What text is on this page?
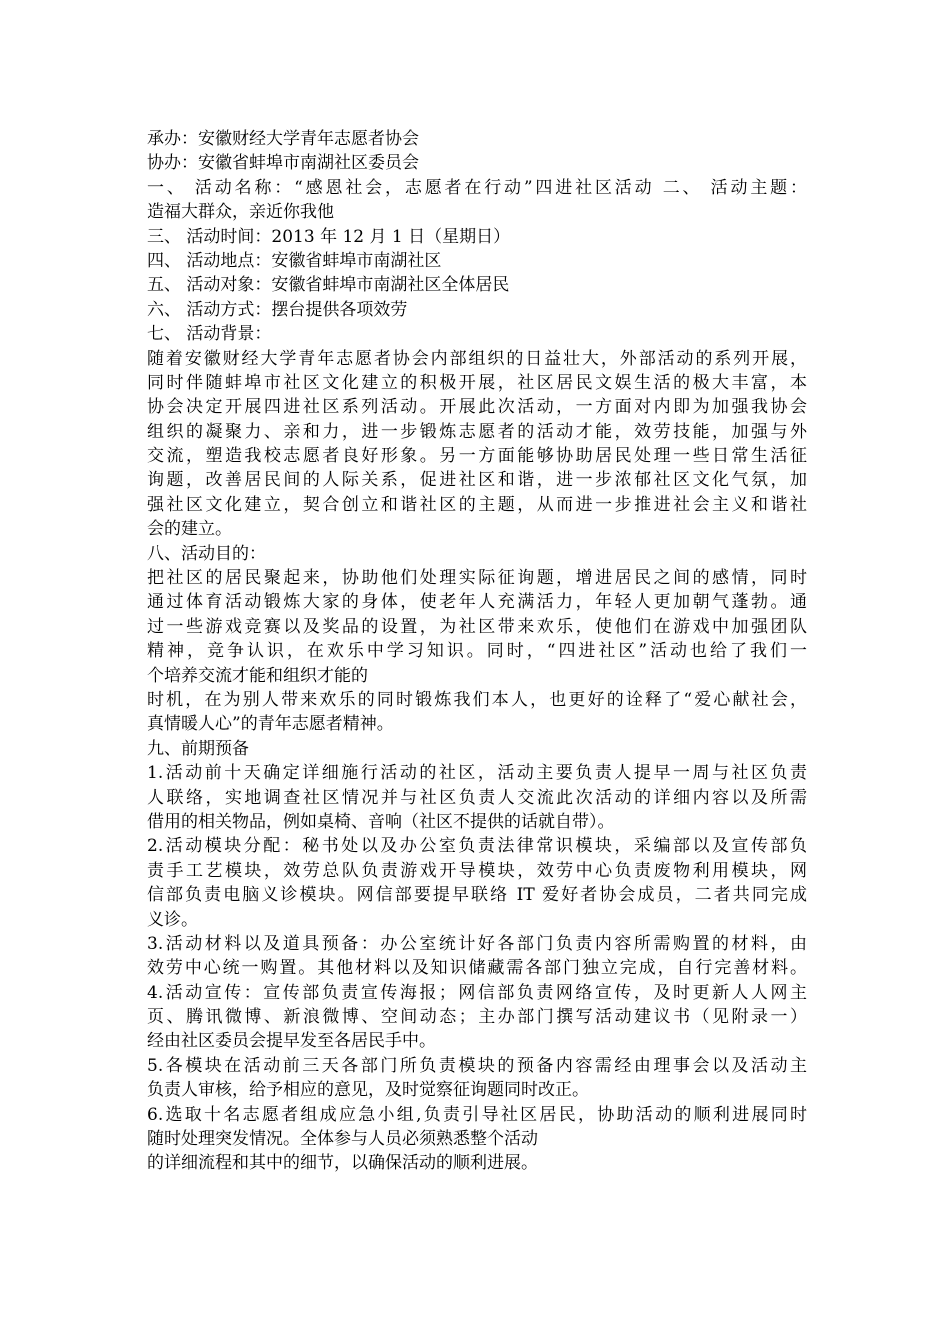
承办：安徽财经大学青年志愿者协会
协办：安徽省蚌埠市南湖社区委员会
一、 活动名称：“感恩社会，志愿者在行动”四进社区活动 二、 活动主题：
造福大群众，亲近你我他
三、 活动时间：2013 年 12 月 1 日（星期日）
四、 活动地点：安徽省蚌埠市南湖社区
五、 活动对象：安徽省蚌埠市南湖社区全体居民
六、 活动方式：摆台提供各项效劳
七、 活动背景：
随着安徽财经大学青年志愿者协会内部组织的日益壮大，外部活动的系列开展，
同时伴随蚌埠市社区文化建立的积极开展，社区居民文娱生活的极大丰富，本
协会决定开展四进社区系列活动。开展此次活动，一方面对内即为加强我协会
组织的凝聚力、亲和力，进一步锻炼志愿者的活动才能，效劳技能，加强与外
交流，塑造我校志愿者良好形象。另一方面能够协助居民处理一些日常生活征
询题，改善居民间的人际关系，促进社区和谐，进一步浓郁社区文化气氛，加
强社区文化建立，契合创立和谐社区的主题，从而进一步推进社会主义和谐社
会的建立。
八、活动目的：
把社区的居民聚起来，协助他们处理实际征询题，增进居民之间的感情，同时
通过体育活动锻炼大家的身体，使老年人充满活力，年轻人更加朝气蓬勃。通
过一些游戏竞赛以及奖品的设置，为社区带来欢乐，使他们在游戏中加强团队
精神，竞争认识，在欢乐中学习知识。同时，“四进社区”活动也给了我们一
个培养交流才能和组织才能的
时机，在为别人带来欢乐的同时锻炼我们本人，也更好的诠释了“爱心献社会，
真情暖人心”的青年志愿者精神。
九、前期预备
1.活动前十天确定详细施行活动的社区，活动主要负责人提早一周与社区负责
人联络，实地调查社区情况并与社区负责人交流此次活动的详细内容以及所需
借用的相关物品，例如桌椅、音响（社区不提供的话就自带）。
2.活动模块分配：秘书处以及办公室负责法律常识模块，采编部以及宣传部负
责手工艺模块，效劳总队负责游戏开导模块，效劳中心负责废物利用模块，网
信部负责电脑义诊模块。网信部要提早联络 IT 爱好者协会成员，二者共同完成
义诊。
3.活动材料以及道具预备：办公室统计好各部门负责内容所需购置的材料，由
效劳中心统一购置。其他材料以及知识储藏需各部门独立完成，自行完善材料。
4.活动宣传：宣传部负责宣传海报；网信部负责网络宣传，及时更新人人网主
页、腾讯微博、新浪微博、空间动态；主办部门撰写活动建议书（见附录一）
经由社区委员会提早发至各居民手中。
5.各模块在活动前三天各部门所负责模块的预备内容需经由理事会以及活动主
负责人审核，给予相应的意见，及时觉察征询题同时改正。
6.选取十名志愿者组成应急小组,负责引导社区居民，协助活动的顺利进展同时
随时处理突发情况。全体参与人员必须熟悉整个活动
的详细流程和其中的细节，以确保活动的顺利进展。
